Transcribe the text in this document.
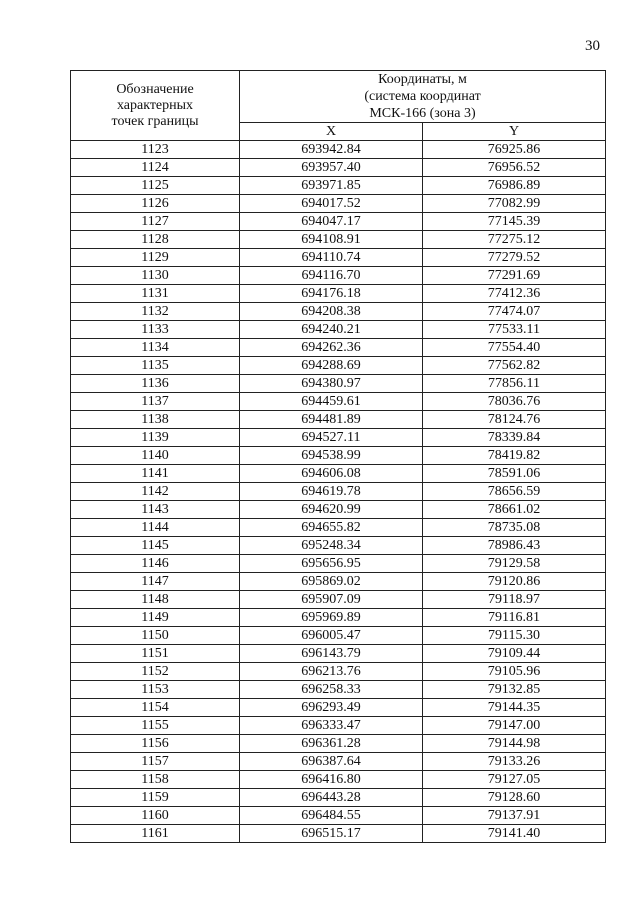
30
Обозначение
характерных
точек границы	Координаты, м
(система координат
МСК-166 (зона 3)	

	X	Y
1123	693942.84	76925.86
1124	693957.40	76956.52
1125	693971.85	76986.89
1126	694017.52	77082.99
1127	694047.17	77145.39
1128	694108.91	77275.12
1129	694110.74	77279.52
1130	694116.70	77291.69
1131	694176.18	77412.36
1132	694208.38	77474.07
1133	694240.21	77533.11
1134	694262.36	77554.40
1135	694288.69	77562.82
1136	694380.97	77856.11
1137	694459.61	78036.76
1138	694481.89	78124.76
1139	694527.11	78339.84
1140	694538.99	78419.82
1141	694606.08	78591.06
1142	694619.78	78656.59
1143	694620.99	78661.02
1144	694655.82	78735.08
1145	695248.34	78986.43
1146	695656.95	79129.58
1147	695869.02	79120.86
1148	695907.09	79118.97
1149	695969.89	79116.81
1150	696005.47	79115.30
1151	696143.79	79109.44
1152	696213.76	79105.96
1153	696258.33	79132.85
1154	696293.49	79144.35
1155	696333.47	79147.00
1156	696361.28	79144.98
1157	696387.64	79133.26
1158	696416.80	79127.05
1159	696443.28	79128.60
1160	696484.55	79137.91
1161	696515.17	79141.40
